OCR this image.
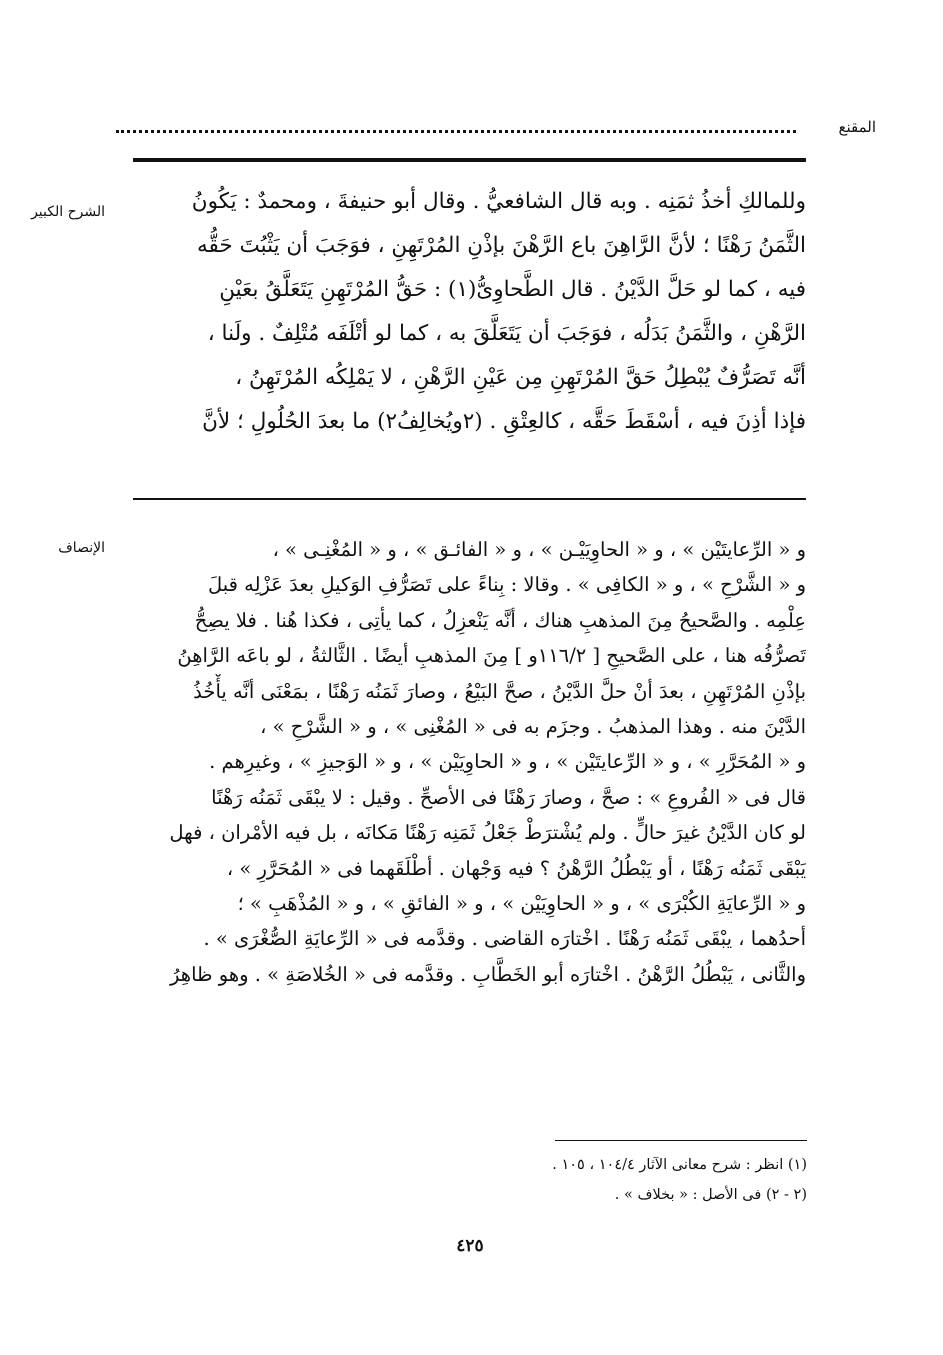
المقنع
الشرح الكبير	وللمالكِ أخذُ ثمَنِه . وبه قال الشافعيُّ . وقال أبو حنيفةَ ، ومحمدٌ : يَكُونُ
الثَّمَنُ رَهْنًا ؛ لأنَّ الرَّاهِنَ باع الرَّهْنَ بإذْنِ المُرْتَهِنِ ، فوَجَبَ أن يَثْبُتَ حَقُّه
فيه ، كما لو حَلَّ الدَّيْنُ . قال الطَّحاوِىُّ(١) : حَقُّ المُرْتَهِنِ يَتَعَلَّقُ بعَيْنِ
الرَّهْنِ ، والثَّمَنُ بَدَلُه ، فوَجَبَ أن يَتَعَلَّقَ به ، كما لو أتْلَفَه مُتْلِفٌ . ولَنا ،
أنَّه تَصَرُّفٌ يُبْطِلُ حَقَّ المُرْتَهِنِ مِن عَيْنِ الرَّهْنِ ، لا يَمْلِكُه المُرْتَهِنُ ،
فإذا أذِنَ فيه ، أسْقَطَ حَقَّه ، كالعِتْقِ . (٢ويُخالِفُ٢) ما بعدَ الحُلُولِ ؛ لأنَّ
الإنصاف	و « الرِّعايتَيْن » ، و « الحاوِيَيْـن » ، و « الفائـق » ، و « المُغْنِـى » ،
و « الشَّرْحِ » ، و « الكافِى » . وقالا : بِناءً على تَصَرُّفِ الوَكيلِ بعدَ عَزْلِه قبلَ
عِلْمِه . والصَّحيحُ مِنَ المذهبِ هناك ، أنَّه يَنْعزِلُ ، كما يأتِى ، فكذا هُنا . فلا يصِحُّ
تَصرُّفُه هنا ، على الصَّحيحِ [ ١١٦/٢و ] مِنَ المذهبِ أيضًا . الثَّالثةُ ، لو باعَه الرَّاهِنُ
بإذْنِ المُرْتَهِنِ ، بعدَ أنْ حلَّ الدَّيْنُ ، صحَّ البَيْعُ ، وصارَ ثَمَنُه رَهْنًا ، بمَعْنَى أنَّه يأْخُذُ
الدَّيْنَ منه . وهذا المذهبُ . وجزَم به فى « المُغْنِى » ، و « الشَّرْحِ » ،
و « المُحَرَّرِ » ، و « الرِّعايتَيْن » ، و « الحاوِيَيْن » ، و « الوَجيزِ » ، وغيرِهم .
قال فى « الفُروعِ » : صحَّ ، وصارَ رَهْنًا فى الأصحِّ . وقيل : لا يبْقَى ثَمَنُه رَهْنًا
لو كان الدَّيْنُ غيرَ حالٍّ . ولم يُشْترَطْ جَعْلُ ثَمَنِه رَهْنًا مَكانَه ، بل فيه الأمْران ، فهل
يَبْقَى ثَمَنُه رَهْنًا ، أو يَبْطُلُ الرَّهْنُ ؟ فيه وَجْهان . أطْلَقَهما فى « المُحَرَّرِ » ،
و « الرِّعايَةِ الكُبْرَى » ، و « الحاوِيَيْن » ، و « الفائقِ » ، و « المُذْهَبِ » ؛
أحدُهما ، يبْقَى ثَمَنُه رَهْنًا . اخْتارَه القاضى . وقدَّمه فى « الرِّعايَةِ الصُّغْرَى » .
والثَّانى ، يَبْطُلُ الرَّهْنُ . اخْتارَه أبو الخَطَّابِ . وقدَّمه فى « الخُلاصَةِ » . وهو ظاهِرُ
(١) انظر : شرح معانى الآثار ١٠٤/٤ ، ١٠٥ .
(٢ - ٢) فى الأصل : « بخلاف » .
٤٢٥
